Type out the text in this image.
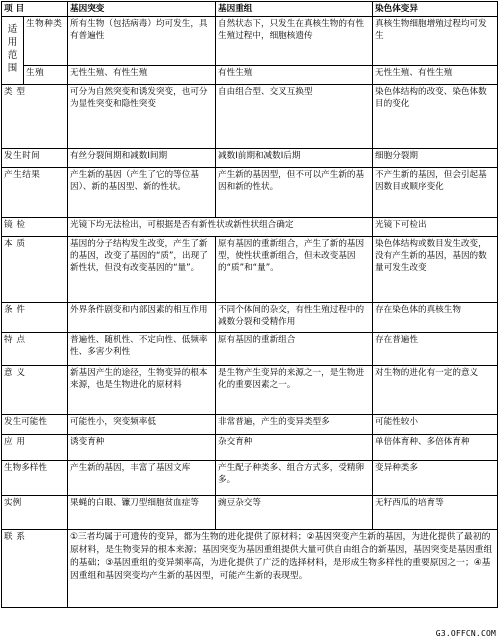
项 目		基因突变	基因重组	染色体变异
适用范围	生物种类	所有生物（包括病毒）均可发生，具有普遍性	自然状态下，只发生在真核生物的有性生殖过程中，细胞核遗传	真核生物细胞增殖过程均可发生
	生殖	无性生殖、有性生殖	有性生殖	无性生殖、有性生殖
类 型		可分为自然突变和诱发突变，也可分为显性突变和隐性突变	自由组合型、交叉互换型	染色体结构的改变、染色体数目的变化
发生时间		有丝分裂间期和减数Ⅰ间期	减数Ⅰ前期和减数Ⅰ后期	细胞分裂期
产生结果		产生新的基因（产生了它的等位基因）、新的基因型、新的性状。	产生新的基因型，但不可以产生新的基因和新的性状。	不产生新的基因，但会引起基因数目或顺序变化
镜 检		光镜下均无法检出，可根据是否有新性状或新性状组合确定		光镜下可检出
本 质		基因的分子结构发生改变，产生了新的基因，改变了基因的“质”，出现了新性状，但没有改变基因的“量”。	原有基因的重新组合，产生了新的基因型，使性状重新组合，但未改变基因的“质”和“量”。	染色体结构或数目发生改变，没有产生新的基因，基因的数量可发生改变
条 件		外界条件剧变和内部因素的相互作用	不同个体间的杂交，有性生殖过程中的减数分裂和受精作用	存在染色体的真核生物
特 点		普遍性、随机性、不定向性、低频率性、多害少利性	原有基因的重新组合	存在普遍性
意 义		新基因产生的途径，生物变异的根本来源，也是生物进化的原材料	是生物产生变异的来源之一，是生物进化的重要因素之一。	对生物的进化有一定的意义
发生可能性		可能性小，突变频率低	非常普遍，产生的变异类型多	可能性较小
应 用		诱变育种	杂交育种	单倍体育种、多倍体育种
生物多样性		产生新的基因，丰富了基因文库	产生配子种类多、组合方式多，受精卵多。	变异种类多
实例		果蝇的白眼、镰刀型细胞贫血症等	豌豆杂交等	无籽西瓜的培育等
联 系		①三者均属于可遗传的变异，都为生物的进化提供了原材料；②基因突变产生新的基因，为进化提供了最初的原材料，是生物变异的根本来源；基因突变为基因重组提供大量可供自由组合的新基因，基因突变是基因重组的基础；③基因重组的变异频率高，为进化提供了广泛的选择材料，是形成生物多样性的重要原因之一；④基因重组和基因突变均产生新的基因型，可能产生新的表现型。		
G3.OFFCN.COM
